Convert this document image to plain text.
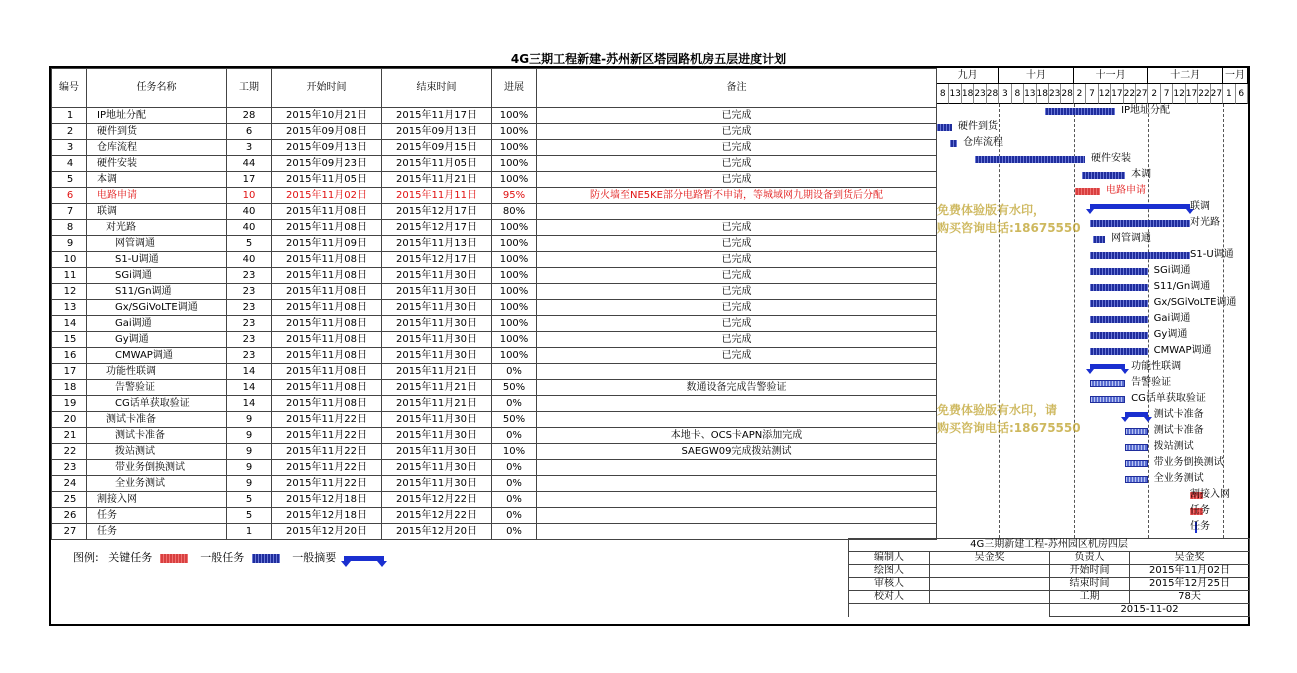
4G三期工程新建-苏州新区塔园路机房五层进度计划
编号	任务名称	工期	开始时间	结束时间	进展	备注
1	IP地址分配	28	2015年10月21日	2015年11月17日	100%	已完成
2	硬件到货	6	2015年09月08日	2015年09月13日	100%	已完成
3	仓库流程	3	2015年09月13日	2015年09月15日	100%	已完成
4	硬件安装	44	2015年09月23日	2015年11月05日	100%	已完成
5	本调	17	2015年11月05日	2015年11月21日	100%	已完成
6	电路申请	10	2015年11月02日	2015年11月11日	95%	防火墙至NE5KE部分电路暂不申请，等城域网九期设备到货后分配
7	联调	40	2015年11月08日	2015年12月17日	80%	
8	对光路	40	2015年11月08日	2015年12月17日	100%	已完成
9	网管调通	5	2015年11月09日	2015年11月13日	100%	已完成
10	S1-U调通	40	2015年11月08日	2015年12月17日	100%	已完成
11	SGi调通	23	2015年11月08日	2015年11月30日	100%	已完成
12	S11/Gn调通	23	2015年11月08日	2015年11月30日	100%	已完成
13	Gx/SGiVoLTE调通	23	2015年11月08日	2015年11月30日	100%	已完成
14	Gai调通	23	2015年11月08日	2015年11月30日	100%	已完成
15	Gy调通	23	2015年11月08日	2015年11月30日	100%	已完成
16	CMWAP调通	23	2015年11月08日	2015年11月30日	100%	已完成
17	功能性联调	14	2015年11月08日	2015年11月21日	0%	
18	告警验证	14	2015年11月08日	2015年11月21日	50%	数通设备完成告警验证
19	CG话单获取验证	14	2015年11月08日	2015年11月21日	0%	
20	测试卡准备	9	2015年11月22日	2015年11月30日	50%	
21	测试卡准备	9	2015年11月22日	2015年11月30日	0%	本地卡、OCS卡APN添加完成
22	拨站测试	9	2015年11月22日	2015年11月30日	10%	SAEGW09完成拨站测试
23	带业务倒换测试	9	2015年11月22日	2015年11月30日	0%	
24	全业务测试	9	2015年11月22日	2015年11月30日	0%	
25	割接入网	5	2015年12月18日	2015年12月22日	0%	
26	任务	5	2015年12月18日	2015年12月22日	0%	
27	任务	1	2015年12月20日	2015年12月20日	0%	
九月	十月	十一月	十二月	一月
8 13 18 23 28 3 8 13 18 23 28 2 7 12 17 22 27 2 7 12 17 22 27 1 6
IP地址分配
硬件到货
仓库流程
硬件安装
本调
电路申请
联调
对光路
网管调通
S1-U调通
SGi调通
S11/Gn调通
Gx/SGiVoLTE调通
Gai调通
Gy调通
CMWAP调通
功能性联调
告警验证
CG话单获取验证
测试卡准备
测试卡准备
拨站测试
带业务倒换测试
全业务测试
割接入网
任务
任务
免费体验版有水印，
购买咨询电话:18675550
免费体验版有水印，请
购买咨询电话:18675550
图例: 关键任务	一般任务	一般摘要
4G三期新建工程-苏州园区机房四层			
编制人	吴金奖	负责人	吴金奖
绘图人		开始时间	2015年11月02日
审核人		结束时间	2015年12月25日
校对人		工期	78天
		2015-11-02	
